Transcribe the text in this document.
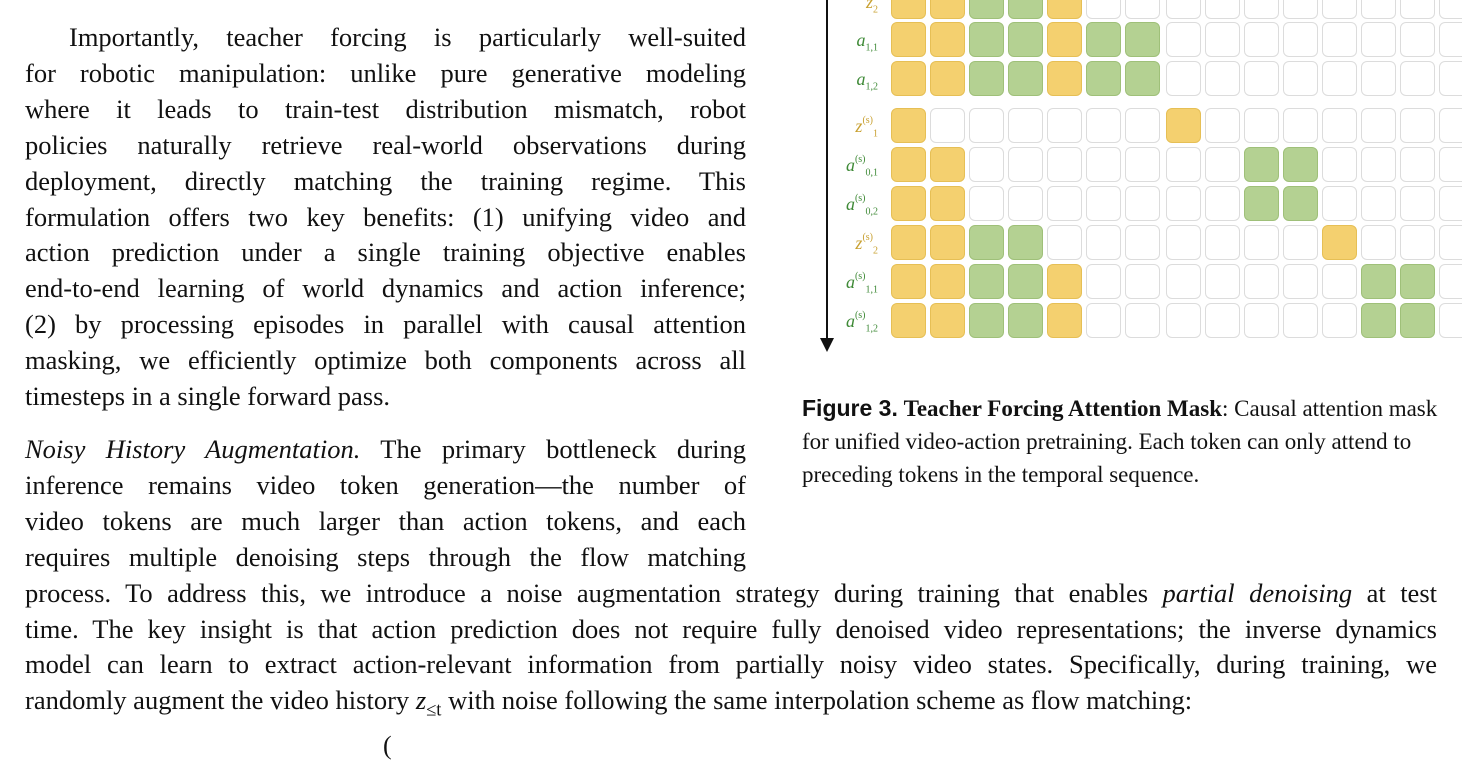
Importantly, teacher forcing is particularly well-suited
for robotic manipulation: unlike pure generative modeling
where it leads to train-test distribution mismatch, robot
policies naturally retrieve real-world observations during
deployment, directly matching the training regime. This
formulation offers two key benefits: (1) unifying video and
action prediction under a single training objective enables
end-to-end learning of world dynamics and action inference;
(2) by processing episodes in parallel with causal attention
masking, we efficiently optimize both components across all
timesteps in a single forward pass.
Noisy History Augmentation. The primary bottleneck during
inference remains video token generation—the number of
video tokens are much larger than action tokens, and each
requires multiple denoising steps through the flow matching
process. To address this, we introduce a noise augmentation strategy during training that enables partial denoising at test
time. The key insight is that action prediction does not require fully denoised video representations; the inverse dynamics
model can learn to extract action-relevant information from partially noisy video states. Specifically, during training, we
randomly augment the video history $z_{\le t}$ with noise following the same interpolation scheme as flow matching:
(
$z_2$
$a_{1,1}$
$a_{1,2}$
$z^{(s)}_1$
$a^{(s)}_{0,1}$
$a^{(s)}_{0,2}$
$z^{(s)}_2$
$a^{(s)}_{1,1}$
$a^{(s)}_{1,2}$

Figure 3. Teacher Forcing Attention Mask: Causal attention mask for unified video-action pretraining. Each token can only attend to preceding tokens in the temporal sequence.
